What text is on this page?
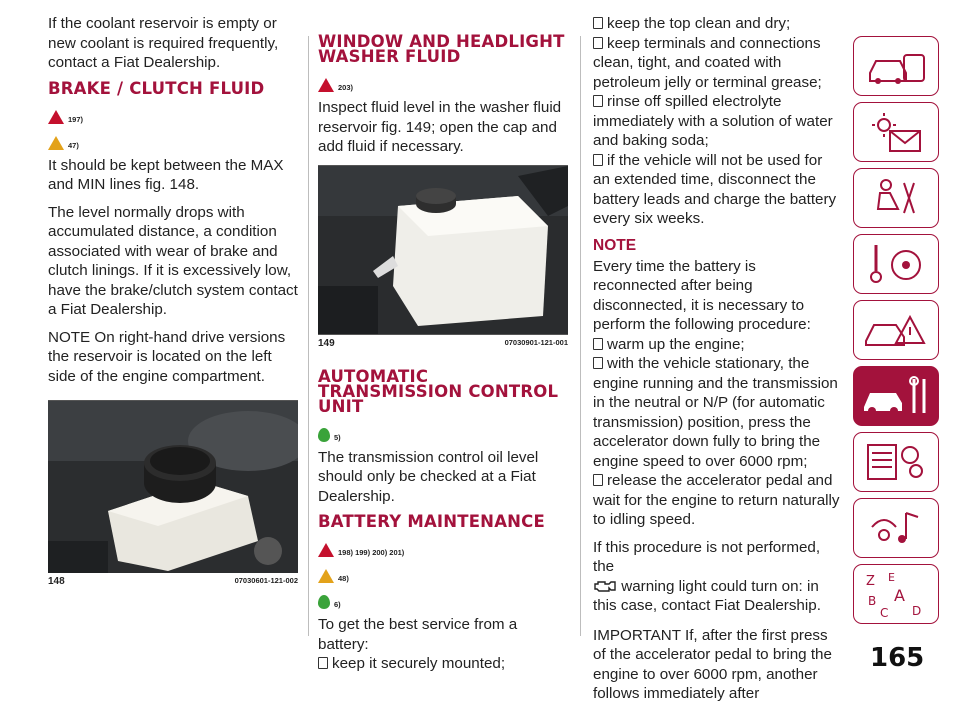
If the coolant reservoir is empty or new coolant is required frequently, contact a Fiat Dealership.

BRAKE / CLUTCH FLUID
197)
47)

It should be kept between the MAX and MIN lines fig. 148.

The level normally drops with accumulated distance, a condition associated with wear of brake and clutch linings. If it is excessively low, have the brake/clutch system contact a Fiat Dealership.

NOTE On right-hand drive versions the reservoir is located on the left side of the engine compartment.

148	07030601-121-002
WINDOW AND HEADLIGHT WASHER FLUID
203)

Inspect fluid level in the washer fluid reservoir fig. 149; open the cap and add fluid if necessary.

149	07030901-121-001
AUTOMATIC TRANSMISSION CONTROL UNIT
5)

The transmission control oil level should only be checked at a Fiat Dealership.

BATTERY MAINTENANCE
198) 199) 200) 201)
48)
6)

To get the best service from a battery:

keep it securely mounted;
keep the top clean and dry;
keep terminals and connections clean, tight, and coated with petroleum jelly or terminal grease;
rinse off spilled electrolyte immediately with a solution of water and baking soda;
if the vehicle will not be used for an extended time, disconnect the battery leads and charge the battery every six weeks.
NOTE

Every time the battery is reconnected after being disconnected, it is necessary to perform the following procedure:

warm up the engine;
with the vehicle stationary, the engine running and the transmission in the neutral or N/P (for automatic transmission) position, press the accelerator down fully to bring the engine speed to over 6000 rpm;
release the accelerator pedal and wait for the engine to return naturally to idling speed.

If this procedure is not performed, the
warning light could turn on: in this case, contact Fiat Dealership.

IMPORTANT If, after the first press of the accelerator pedal to bring the engine to over 6000 rpm, another follows immediately after

Z E
A
B
C D
165
